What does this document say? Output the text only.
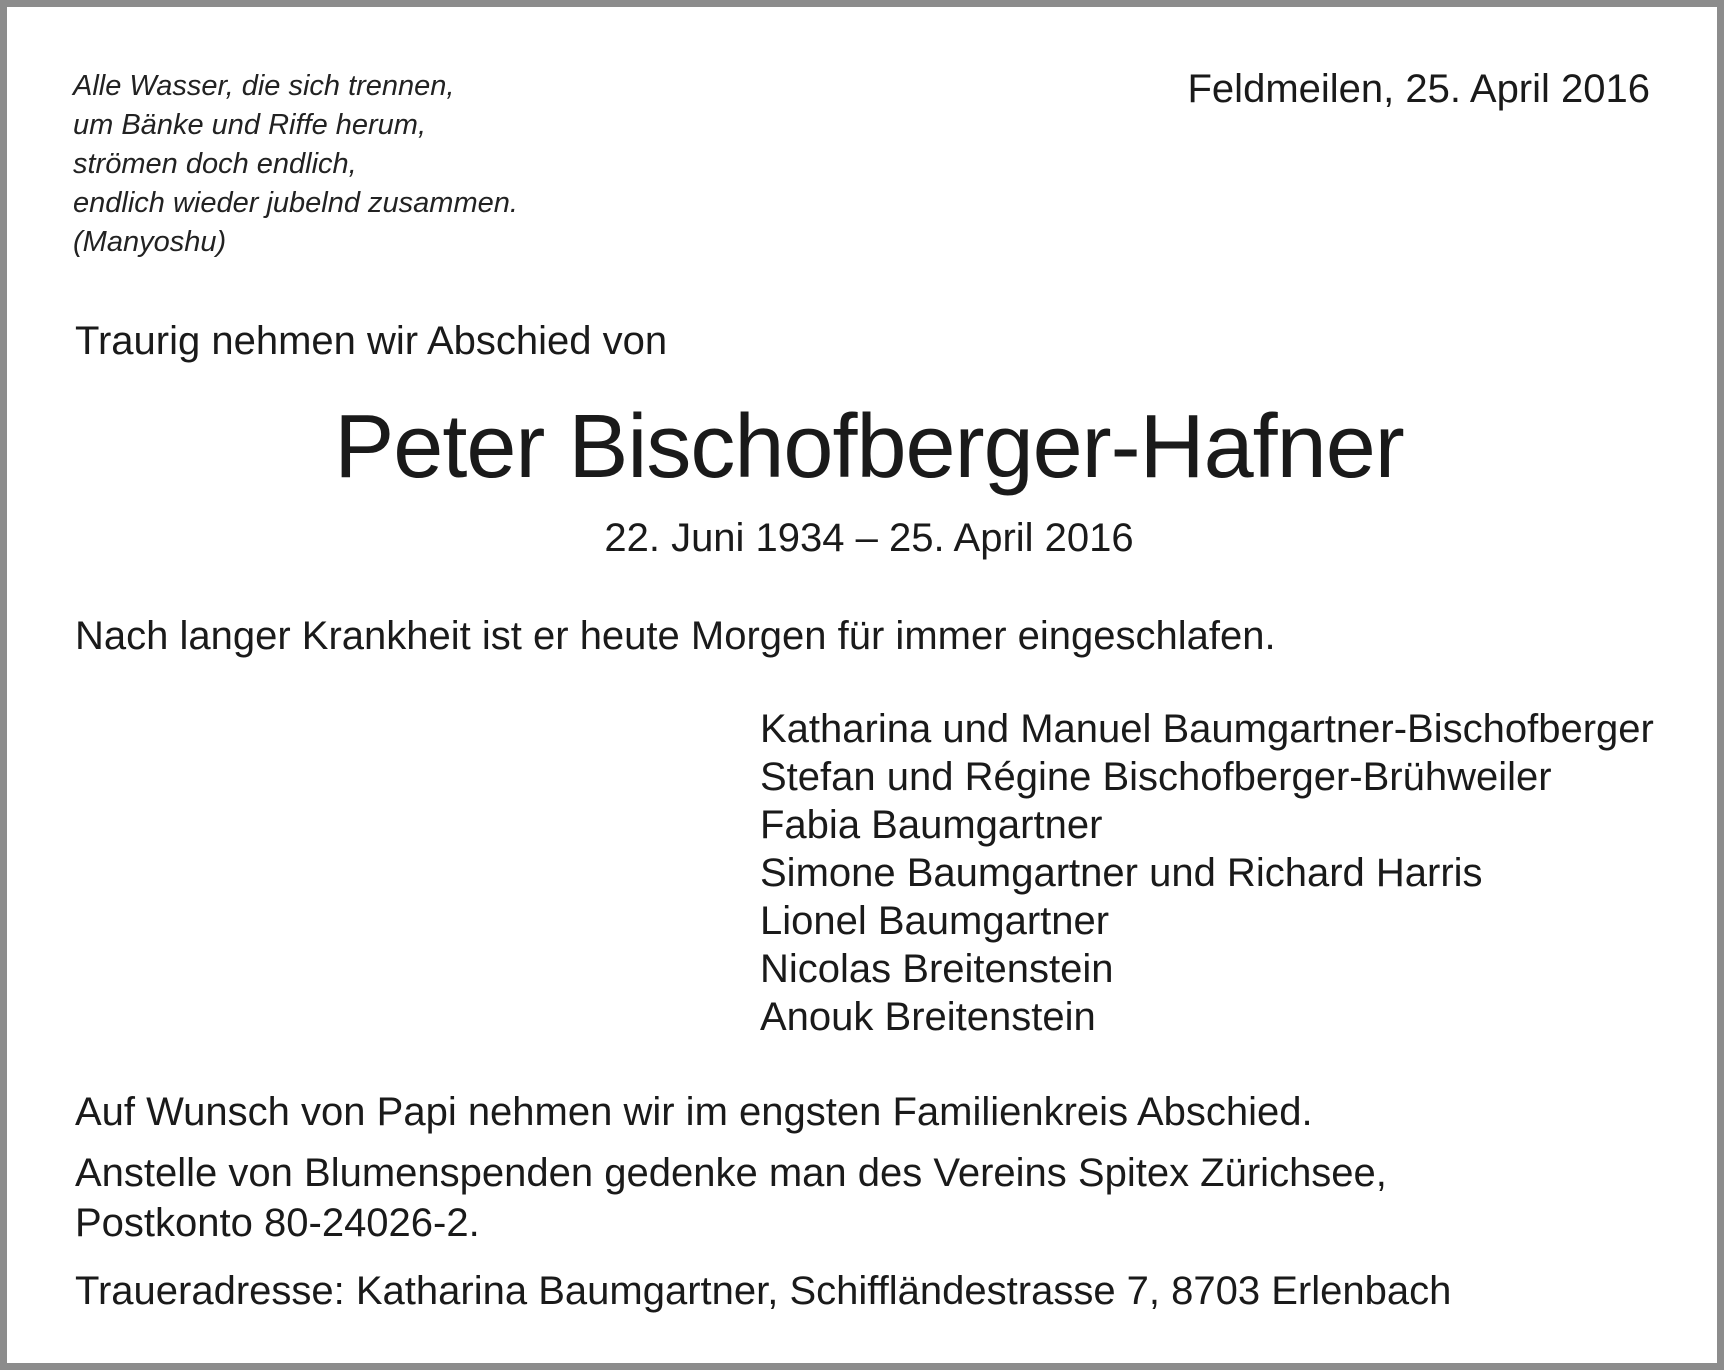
Alle Wasser, die sich trennen,
um Bänke und Riffe herum,
strömen doch endlich,
endlich wieder jubelnd zusammen.
(Manyoshu)
Feldmeilen, 25. April 2016
Traurig nehmen wir Abschied von
Peter Bischofberger-Hafner
22. Juni 1934 – 25. April 2016
Nach langer Krankheit ist er heute Morgen für immer eingeschlafen.
Katharina und Manuel Baumgartner-Bischofberger
Stefan und Régine Bischofberger-Brühweiler
Fabia Baumgartner
Simone Baumgartner und Richard Harris
Lionel Baumgartner
Nicolas Breitenstein
Anouk Breitenstein
Auf Wunsch von Papi nehmen wir im engsten Familienkreis Abschied.
Anstelle von Blumenspenden gedenke man des Vereins Spitex Zürichsee,
Postkonto 80-24026-2.
Traueradresse: Katharina Baumgartner, Schiffländestrasse 7, 8703 Erlenbach
